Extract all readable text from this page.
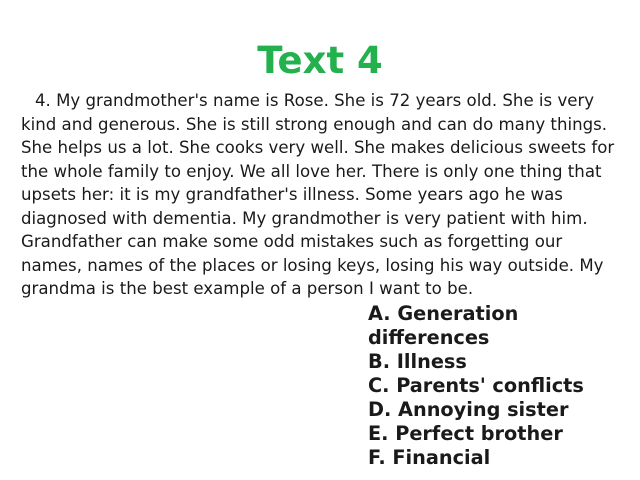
Text 4

4. My grandmother's name is Rose. She is 72 years old. She is very kind and generous. She is still strong enough and can do many things. She helps us a lot. She cooks very well. She makes delicious sweets for the whole family to enjoy. We all love her. There is only one thing that upsets her: it is my grandfather's illness. Some years ago he was diagnosed with dementia. My grandmother is very patient with him. Grandfather can make some odd mistakes such as forgetting our names, names of the places or losing keys, losing his way outside. My grandma is the best example of a person I want to be.

A. Generation differences
B. Illness
C. Parents' conflicts
D. Annoying sister
E. Perfect brother
F. Financial
